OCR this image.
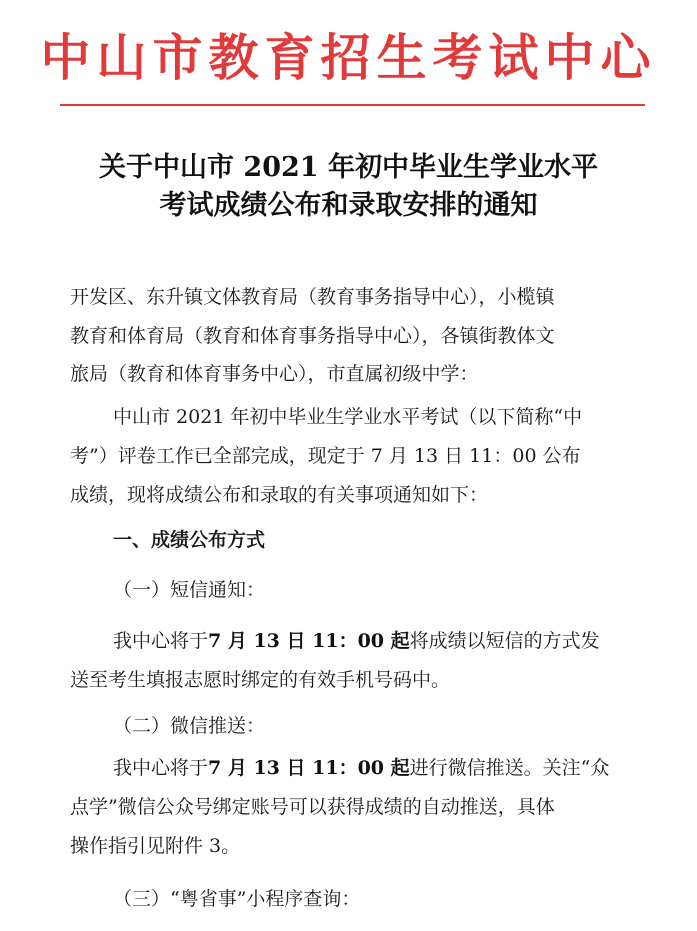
中山市教育招生考试中心
关于中山市 2021 年初中毕业生学业水平
考试成绩公布和录取安排的通知
开发区、东升镇文体教育局（教育事务指导中心），小榄镇
教育和体育局（教育和体育事务指导中心），各镇街教体文
旅局（教育和体育事务中心），市直属初级中学：
中山市 2021 年初中毕业生学业水平考试（以下简称“中
考”）评卷工作已全部完成，现定于 7 月 13 日 11：00 公布
成绩，现将成绩公布和录取的有关事项通知如下：
一、成绩公布方式
（一）短信通知：
我中心将于7 月 13 日 11：00 起将成绩以短信的方式发
送至考生填报志愿时绑定的有效手机号码中。
（二）微信推送：
我中心将于7 月 13 日 11：00 起进行微信推送。关注“众
点学”微信公众号绑定账号可以获得成绩的自动推送，具体
操作指引见附件 3。
（三）“粤省事”小程序查询：
